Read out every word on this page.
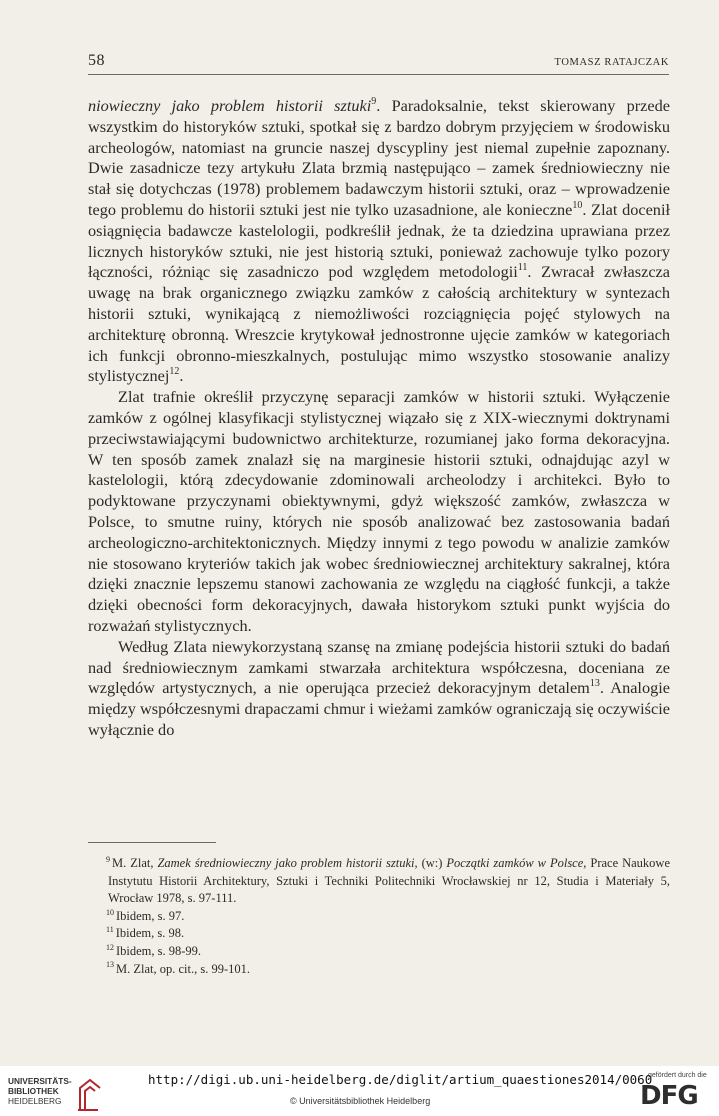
58	TOMASZ RATAJCZAK

niowieczny jako problem historii sztuki$^9$. Paradoksalnie, tekst skierowany przede wszystkim do historyków sztuki, spotkał się z bardzo dobrym przyjęciem w środowisku archeologów, natomiast na gruncie naszej dyscypliny jest niemal zupełnie zapoznany. Dwie zasadnicze tezy artykułu Zlata brzmią następująco – zamek średniowieczny nie stał się dotychczas (1978) problemem badawczym historii sztuki, oraz – wprowadzenie tego problemu do historii sztuki jest nie tylko uzasadnione, ale konieczne$^{10}$. Zlat docenił osiągnięcia badawcze kastelologii, podkreślił jednak, że ta dziedzina uprawiana przez licznych historyków sztuki, nie jest historią sztuki, ponieważ zachowuje tylko pozory łączności, różniąc się zasadniczo pod względem metodologii$^{11}$. Zwracał zwłaszcza uwagę na brak organicznego związku zamków z całością architektury w syntezach historii sztuki, wynikającą z niemożliwości rozciągnięcia pojęć stylowych na architekturę obronną. Wreszcie krytykował jednostronne ujęcie zamków w kategoriach ich funkcji obronno-mieszkalnych, postulując mimo wszystko stosowanie analizy stylistycznej$^{12}$.

Zlat trafnie określił przyczynę separacji zamków w historii sztuki. Wyłączenie zamków z ogólnej klasyfikacji stylistycznej wiązało się z XIX-wiecznymi doktrynami przeciwstawiającymi budownictwo architekturze, rozumianej jako forma dekoracyjna. W ten sposób zamek znalazł się na marginesie historii sztuki, odnajdując azyl w kastelologii, którą zdecydowanie zdominowali archeolodzy i architekci. Było to podyktowane przyczynami obiektywnymi, gdyż większość zamków, zwłaszcza w Polsce, to smutne ruiny, których nie sposób analizować bez zastosowania badań archeologiczno-architektonicznych. Między innymi z tego powodu w analizie zamków nie stosowano kryteriów takich jak wobec średniowiecznej architektury sakralnej, która dzięki znacznie lepszemu stanowi zachowania ze względu na ciągłość funkcji, a także dzięki obecności form dekoracyjnych, dawała historykom sztuki punkt wyjścia do rozważań stylistycznych.

Według Zlata niewykorzystaną szansę na zmianę podejścia historii sztuki do badań nad średniowiecznym zamkami stwarzała architektura współczesna, doceniana ze względów artystycznych, a nie operująca przecież dekoracyjnym detalem$^{13}$. Analogie między współczesnymi drapaczami chmur i wieżami zamków ograniczają się oczywiście wyłącznie do

$^9$ M. Zlat, Zamek średniowieczny jako problem historii sztuki, (w:) Początki zamków w Polsce, Prace Naukowe Instytutu Historii Architektury, Sztuki i Techniki Politechniki Wrocławskiej nr 12, Studia i Materiały 5, Wrocław 1978, s. 97-111.

$^{10}$ Ibidem, s. 97.

$^{11}$ Ibidem, s. 98.

$^{12}$ Ibidem, s. 98-99.

$^{13}$ M. Zlat, op. cit., s. 99-101.

UNIVERSITÄTS-
BIBLIOTHEK
HEIDELBERG
http://digi.ub.uni-heidelberg.de/diglit/artium_quaestiones2014/0060
© Universitätsbibliothek Heidelberg
gefördert durch die
DFG
